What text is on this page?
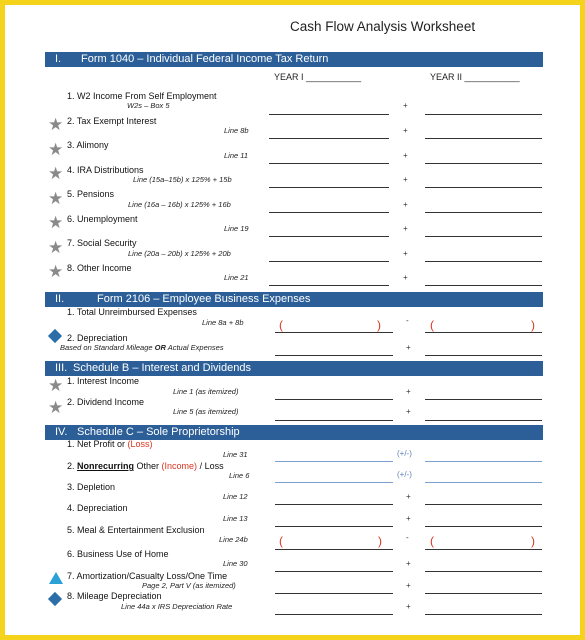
Cash Flow Analysis Worksheet
I. Form 1040 – Individual Federal Income Tax Return
YEAR I ___________	YEAR II ___________
1. W2 Income From Self Employment
W2s – Box 5	+
★ 2. Tax Exempt Interest
Line 8b	+
★ 3. Alimony
Line 11	+
★ 4. IRA Distributions
Line (15a–15b) x 125% + 15b	+
★ 5. Pensions
Line (16a – 16b) x 125% + 16b	+
★ 6. Unemployment
Line 19	+
★ 7. Social Security
Line (20a – 20b) x 125% + 20b	+
★ 8. Other Income
Line 21	+
II.	Form 2106 – Employee Business Expenses
1. Total Unreimbursed Expenses
Line 8a + 8b	(	)	- (	)
2. Depreciation
Based on Standard Mileage OR Actual Expenses	+
III. Schedule B – Interest and Dividends
★ 1. Interest Income
Line 1 (as itemized)	+
★ 2. Dividend Income
Line 5 (as itemized)	+
IV. Schedule C – Sole Proprietorship
1. Net Profit or (Loss)
Line 31	(+/-)
2. Nonrecurring Other (Income) / Loss
Line 6	(+/-)
3. Depletion
Line 12	+
4. Depreciation
Line 13	+
5. Meal & Entertainment Exclusion
Line 24b	(	)	- (	)
6. Business Use of Home
Line 30	+
7. Amortization/Casualty Loss/One Time
Page 2, Part V (as itemized)	+
8. Mileage Depreciation
Line 44a x IRS Depreciation Rate	+
